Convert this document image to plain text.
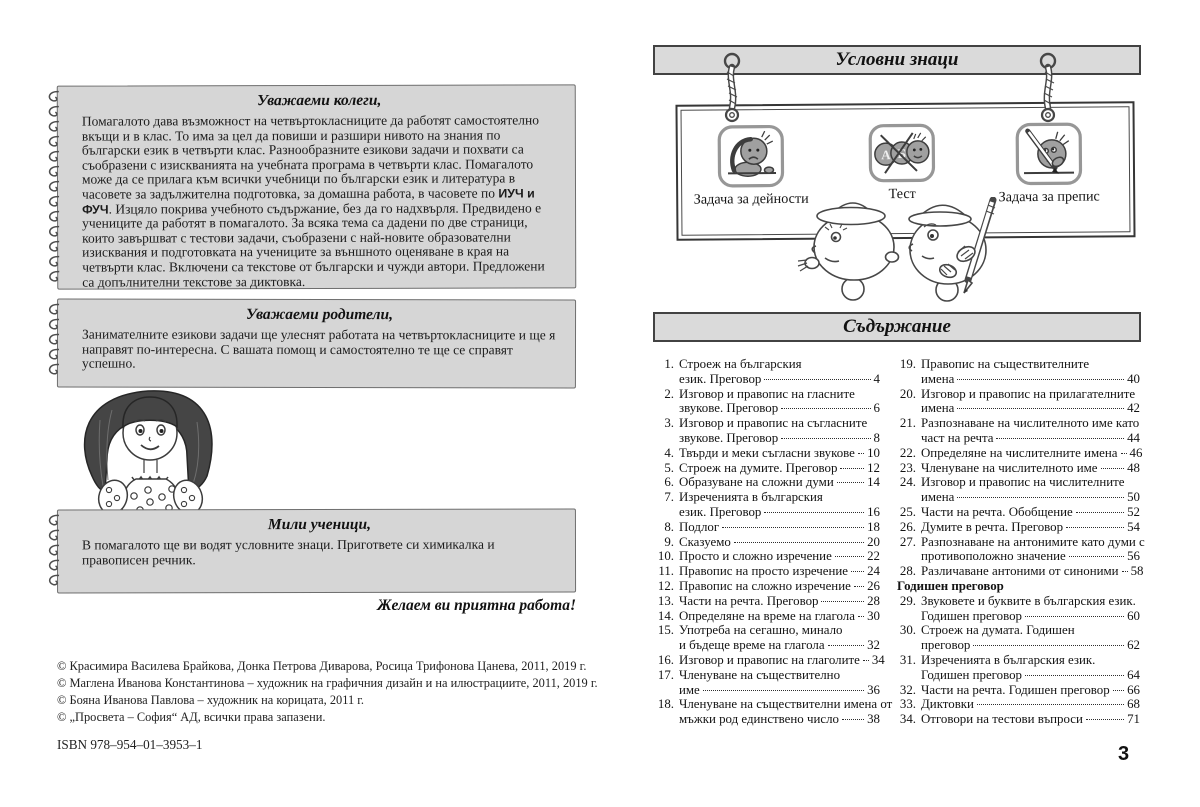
Уважаеми колеги,

Помагалото дава възможност на четвъртокласниците да работят самостоятелно вкъщи и в клас. То има за цел да повиши и разшири нивото на знания по български език в четвърти клас. Разнообразните езикови задачи и похвати са съобразени с изискванията на учебната програма в четвърти клас. Помагалото може да се прилага към всички учебници по български език и литература в часовете за задължителна подготовка, за домашна работа, в часовете по ИУЧ и ФУЧ. Изцяло покрива учебното съдържание, без да го надхвърля. Предвидено е учениците да работят в помагалото. За всяка тема са дадени по две страници, които завършват с тестови задачи, съобразени с най-новите образователни изисквания и подготовката на учениците за външното оценяване в края на четвърти клас. Включени са текстове от български и чужди автори. Предложени са допълнителни текстове за диктовка.

Уважаеми родители,

Занимателните езикови задачи ще улеснят работата на четвъртокласниците и ще я направят по-интересна. С вашата помощ и самостоятелно те ще се справят успешно.

Мили ученици,

В помагалото ще ви водят условните знаци. Пригответе си химикалка и правописен речник.

Желаем ви приятна работа!
© Красимира Василева Брайкова, Донка Петрова Диварова, Росица Трифонова Цанева, 2011, 2019 г.
© Маглена Иванова Константинова – художник на графичния дизайн и на илюстрациите, 2011, 2019 г.
© Бояна Иванова Павлова – художник на корицата, 2011 г.
© „Просвета – София“ АД, всички права запазени.
ISBN 978–954–01–3953–1
Условни знаци
Задача за дейности
А Б
Тест	Задача за препис
Съдържание
1. Строеж на българския
език. Преговор	4
2. Изговор и правопис на гласните
звукове. Преговор	6
3. Изговор и правопис на съгласните
звукове. Преговор	8
4. Твърди и меки съгласни звукове 10
5. Строеж на думите. Преговор 12
6. Образуване на сложни думи	14
7. Изреченията в българския
език. Преговор	16
8. Подлог	18
9. Сказуемо	20
10. Просто и сложно изречение	22
11. Правопис на просто изречение 24
12. Правопис на сложно изречение 26
13. Части на речта. Преговор	28
14. Определяне на време на глагола 30
15. Употреба на сегашно, минало
и бъдеще време на глагола	32
16. Изговор и правопис на глаголите 34
17. Членуване на съществително
име	36
18. Членуване на съществителни имена от
мъжки род единствено число 38
19. Правопис на съществителните
имена	40
20. Изговор и правопис на прилагателните
имена	42
21. Разпознаване на числителното име като
част на речта	44
22. Определяне на числителните имена 46
23. Членуване на числителното име 48
24. Изговор и правопис на числителните
имена	50
25. Части на речта. Обобщение	52
26. Думите в речта. Преговор	54
27. Разпознаване на антонимите като думи с
противоположно значение	56
28. Различаване антоними от синоними 58
Годишен преговор
29. Звуковете и буквите в българския език.
Годишен преговор	60
30. Строеж на думата. Годишен
преговор	62
31. Изреченията в българския език.
Годишен преговор	64
32. Части на речта. Годишен преговор 66
33. Диктовки	68
34. Отговори на тестови въпроси	71
3
